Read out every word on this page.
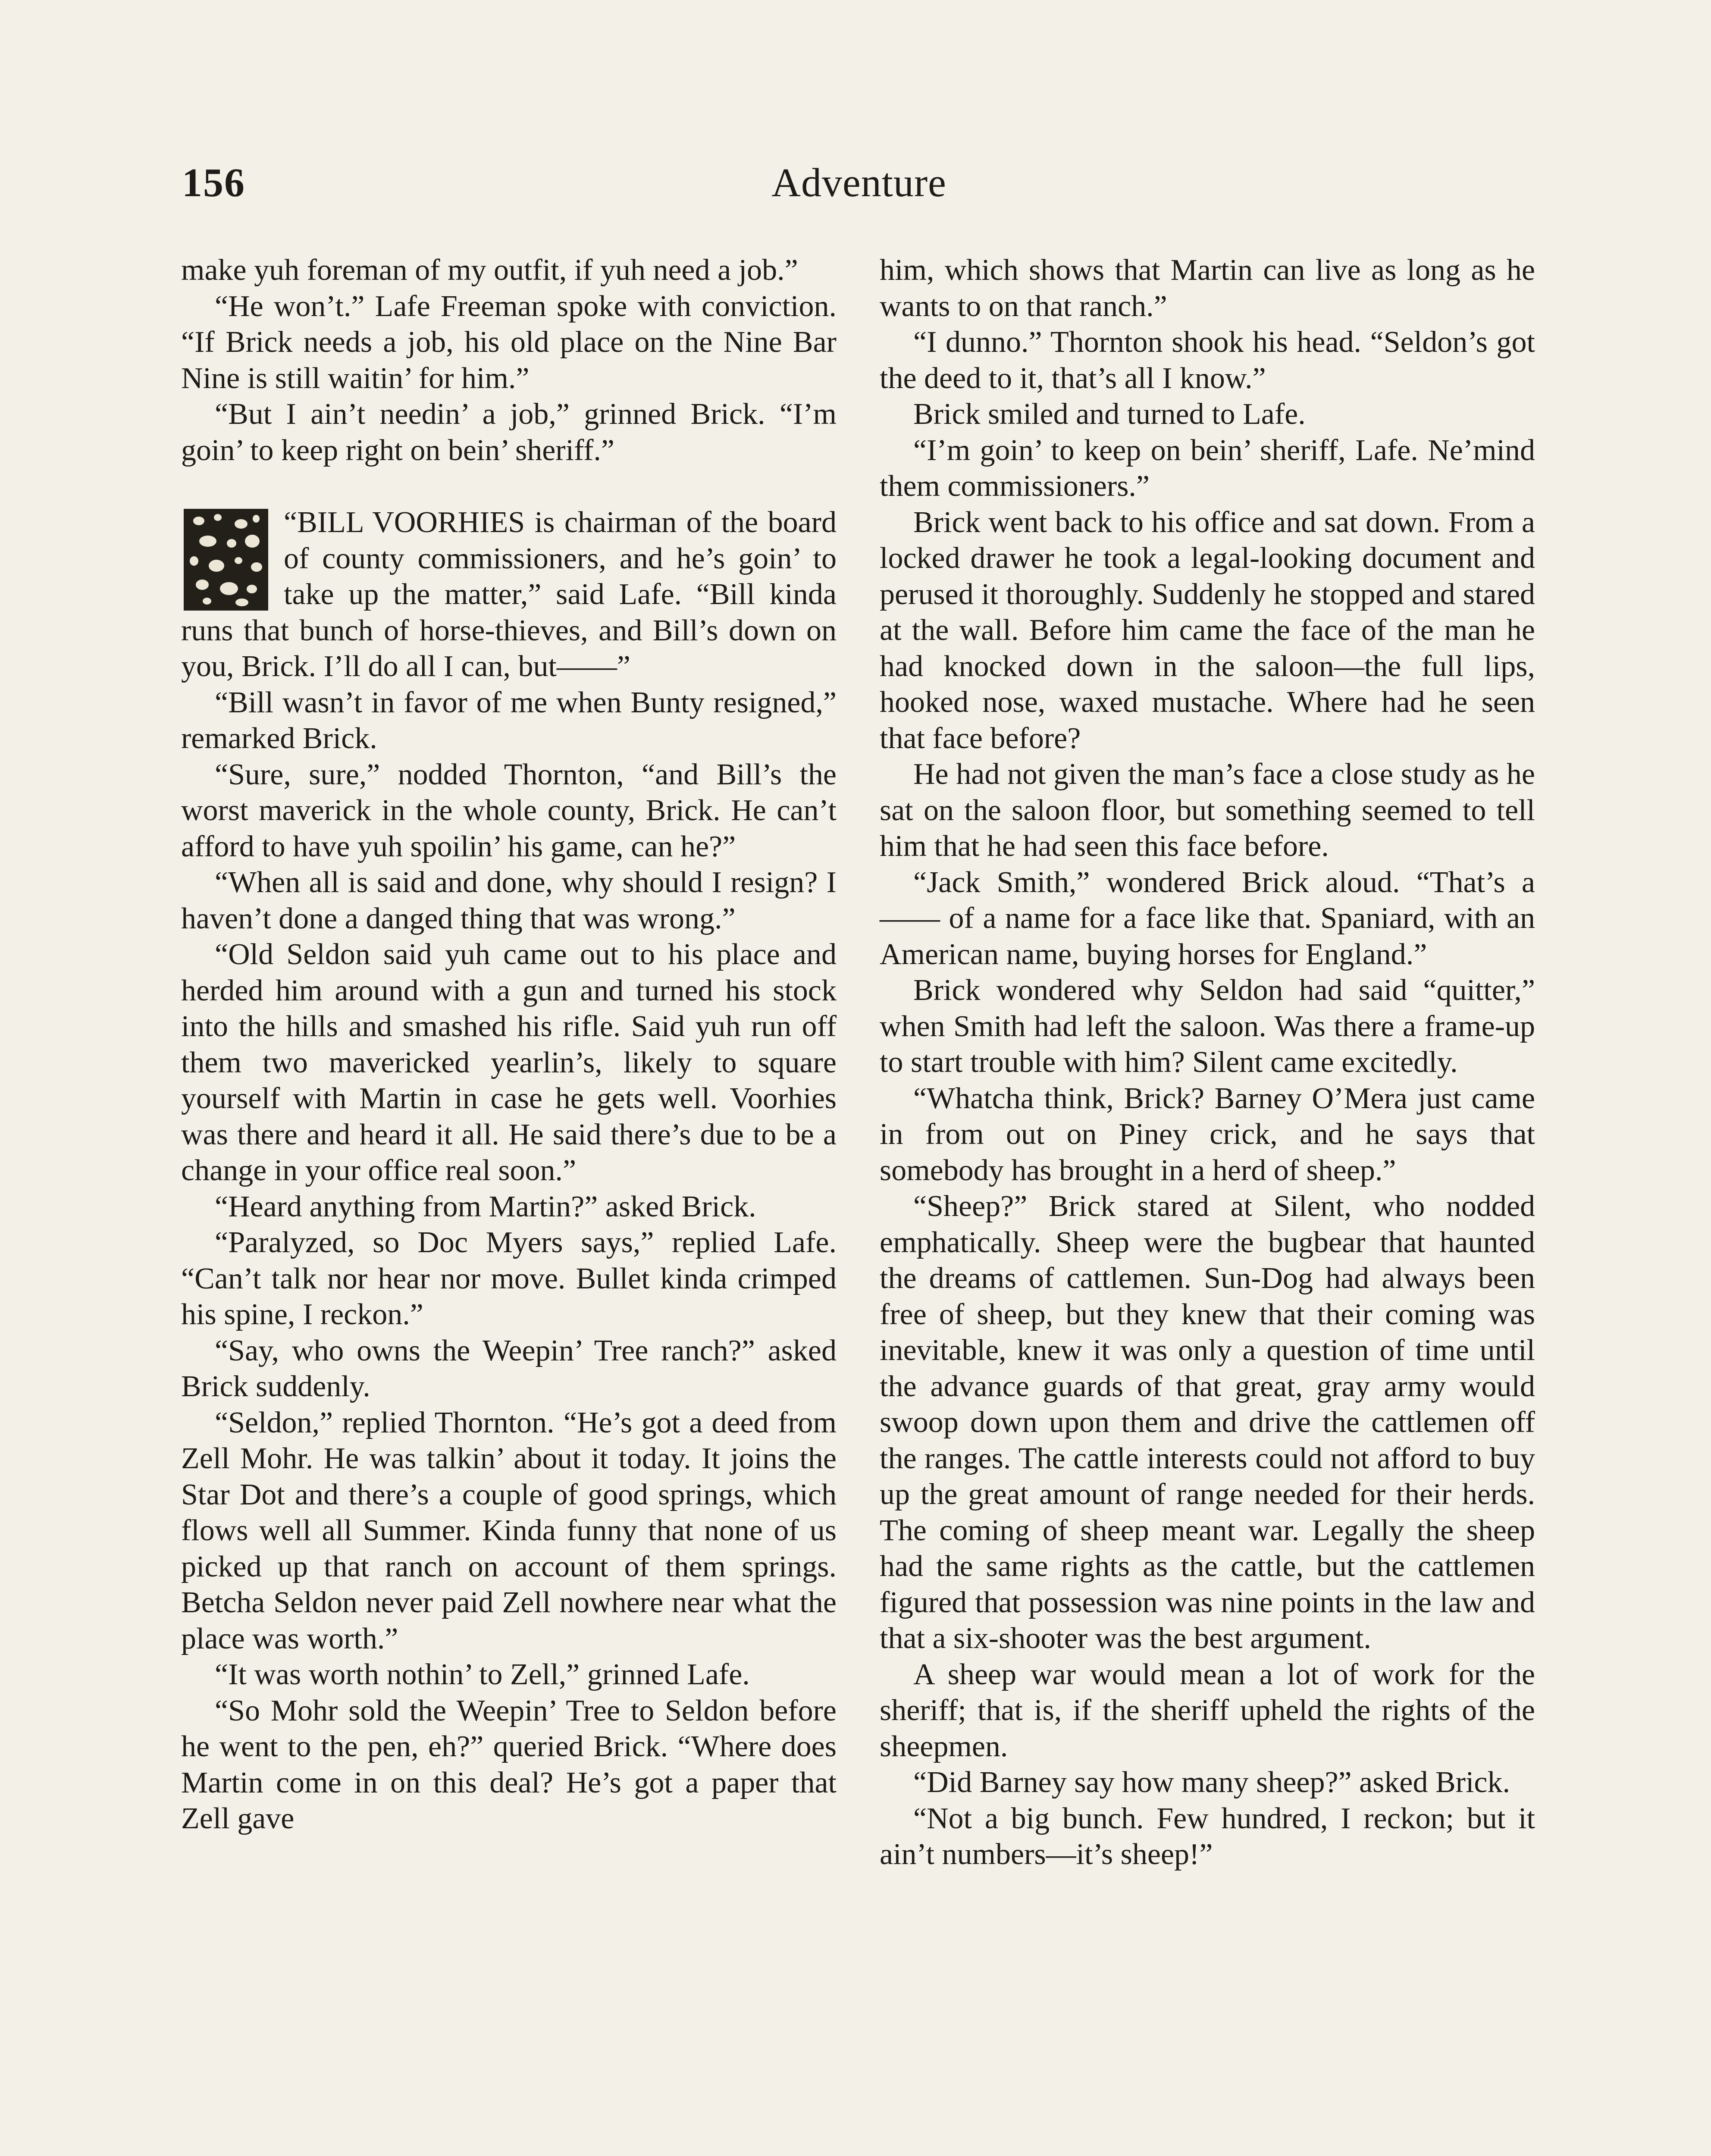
156	Adventure

make yuh foreman of my outfit, if yuh need a job.”

“He won’t.” Lafe Freeman spoke with conviction. “If Brick needs a job, his old place on the Nine Bar Nine is still waitin’ for him.”

“But I ain’t needin’ a job,” grinned Brick. “I’m goin’ to keep right on bein’ sheriff.”

“BILL VOORHIES is chairman of the board of county commissioners, and he’s goin’ to take up the matter,” said Lafe. “Bill kinda runs that bunch of horse-thieves, and Bill’s down on you, Brick. I’ll do all I can, but——”

“Bill wasn’t in favor of me when Bunty resigned,” remarked Brick.

“Sure, sure,” nodded Thornton, “and Bill’s the worst maverick in the whole county, Brick. He can’t afford to have yuh spoilin’ his game, can he?”

“When all is said and done, why should I resign? I haven’t done a danged thing that was wrong.”

“Old Seldon said yuh came out to his place and herded him around with a gun and turned his stock into the hills and smashed his rifle. Said yuh run off them two mavericked yearlin’s, likely to square yourself with Martin in case he gets well. Voorhies was there and heard it all. He said there’s due to be a change in your office real soon.”

“Heard anything from Martin?” asked Brick.

“Paralyzed, so Doc Myers says,” replied Lafe. “Can’t talk nor hear nor move. Bullet kinda crimped his spine, I reckon.”

“Say, who owns the Weepin’ Tree ranch?” asked Brick suddenly.

“Seldon,” replied Thornton. “He’s got a deed from Zell Mohr. He was talkin’ about it today. It joins the Star Dot and there’s a couple of good springs, which flows well all Summer. Kinda funny that none of us picked up that ranch on account of them springs. Betcha Seldon never paid Zell nowhere near what the place was worth.”

“It was worth nothin’ to Zell,” grinned Lafe.

“So Mohr sold the Weepin’ Tree to Seldon before he went to the pen, eh?” queried Brick. “Where does Martin come in on this deal? He’s got a paper that Zell gave

him, which shows that Martin can live as long as he wants to on that ranch.”

“I dunno.” Thornton shook his head. “Seldon’s got the deed to it, that’s all I know.”

Brick smiled and turned to Lafe.

“I’m goin’ to keep on bein’ sheriff, Lafe. Ne’mind them commissioners.”

Brick went back to his office and sat down. From a locked drawer he took a legal-looking document and perused it thoroughly. Suddenly he stopped and stared at the wall. Before him came the face of the man he had knocked down in the saloon—the full lips, hooked nose, waxed mustache. Where had he seen that face before?

He had not given the man’s face a close study as he sat on the saloon floor, but something seemed to tell him that he had seen this face before.

“Jack Smith,” wondered Brick aloud. “That’s a —— of a name for a face like that. Spaniard, with an American name, buying horses for England.”

Brick wondered why Seldon had said “quitter,” when Smith had left the saloon. Was there a frame-up to start trouble with him? Silent came excitedly.

“Whatcha think, Brick? Barney O’Mera just came in from out on Piney crick, and he says that somebody has brought in a herd of sheep.”

“Sheep?” Brick stared at Silent, who nodded emphatically. Sheep were the bugbear that haunted the dreams of cattlemen. Sun-Dog had always been free of sheep, but they knew that their coming was inevitable, knew it was only a question of time until the advance guards of that great, gray army would swoop down upon them and drive the cattlemen off the ranges. The cattle interests could not afford to buy up the great amount of range needed for their herds. The coming of sheep meant war. Legally the sheep had the same rights as the cattle, but the cattlemen figured that possession was nine points in the law and that a six-shooter was the best argument.

A sheep war would mean a lot of work for the sheriff; that is, if the sheriff upheld the rights of the sheepmen.

“Did Barney say how many sheep?” asked Brick.

“Not a big bunch. Few hundred, I reckon; but it ain’t numbers—it’s sheep!”
